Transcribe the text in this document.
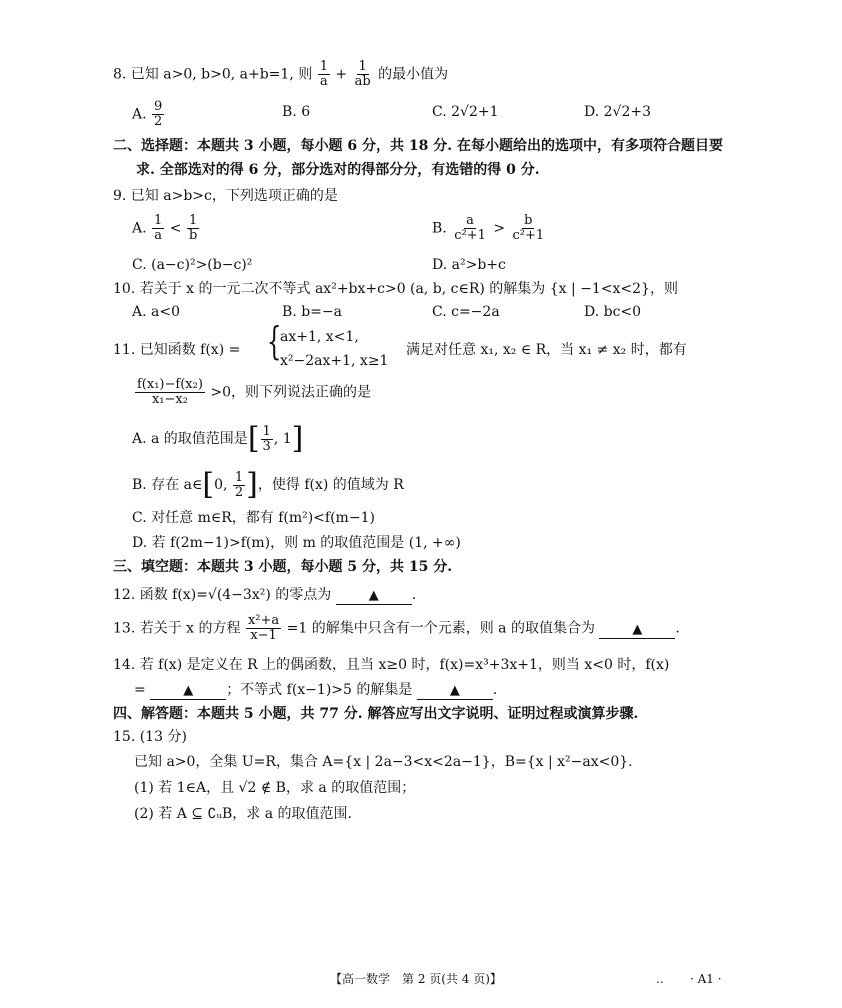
8. 已知 a>0, b>0, a+b=1, 则 $\frac{1}{a} + \frac{1}{ab}$ 的最小值为
A. $\frac{9}{2}$	B. 6	C. 2√2+1	D. 2√2+3
二、选择题：本题共 3 小题，每小题 6 分，共 18 分. 在每小题给出的选项中，有多项符合题目要
求. 全部选对的得 6 分，部分选对的得部分分，有选错的得 0 分.
9. 已知 a>b>c，下列选项正确的是
A. $\frac{1}{a} < \frac{1}{b}$	B. $\frac{a}{\text{c²+1}} > \frac{b}{\text{c²+1}}$
C. (a−c)²>(b−c)²	D. a²>b+c
10. 若关于 x 的一元二次不等式 ax²+bx+c>0 (a, b, c∈R) 的解集为 {x | −1<x<2}，则
A. a<0	B. b=−a	C. c=−2a	D. bc<0
11. 已知函数 f(x) = {
ax+1, x<1,
x²−2ax+1, x≥1
满足对任意 x₁, x₂ ∈ R，当 x₁ ≠ x₂ 时，都有
$\frac{\text{f(x₁)−f(x₂)}}{\text{x₁−x₂}} >0$，则下列说法正确的是
A. a 的取值范围是[ $\frac{1}{3}$ , 1]
B. 存在 a∈[0, $\frac{1}{2}$ ]，使得 f(x) 的值域为 R
C. 对任意 m∈R，都有 f(m²)<f(m−1)
D. 若 f(2m−1)>f(m)，则 m 的取值范围是 (1, +∞)
三、填空题：本题共 3 小题，每小题 5 分，共 15 分.
12. 函数 f(x)=√(4−3x²) 的零点为	▲ .
13. 若关于 x 的方程 $\frac{\text{x²+a}}{x-1} =1$ 的解集中只含有一个元素，则 a 的取值集合为	▲ .
14. 若 f(x) 是定义在 R 上的偶函数，且当 x≥0 时，f(x)=x³+3x+1，则当 x<0 时，f(x)
=	▲ ；不等式 f(x−1)>5 的解集是	▲ .
四、解答题：本题共 5 小题，共 77 分. 解答应写出文字说明、证明过程或演算步骤.
15. (13 分)
已知 a>0，全集 U=R，集合 A={x | 2a−3<x<2a−1}，B={x | x²−ax<0}.
(1) 若 1∈A，且 √2 ∉ B，求 a 的取值范围；
(2) 若 A ⊆ ∁ᵤB，求 a 的取值范围.
【高一数学　第 2 页(共 4 页)】	.. · A1 ·
